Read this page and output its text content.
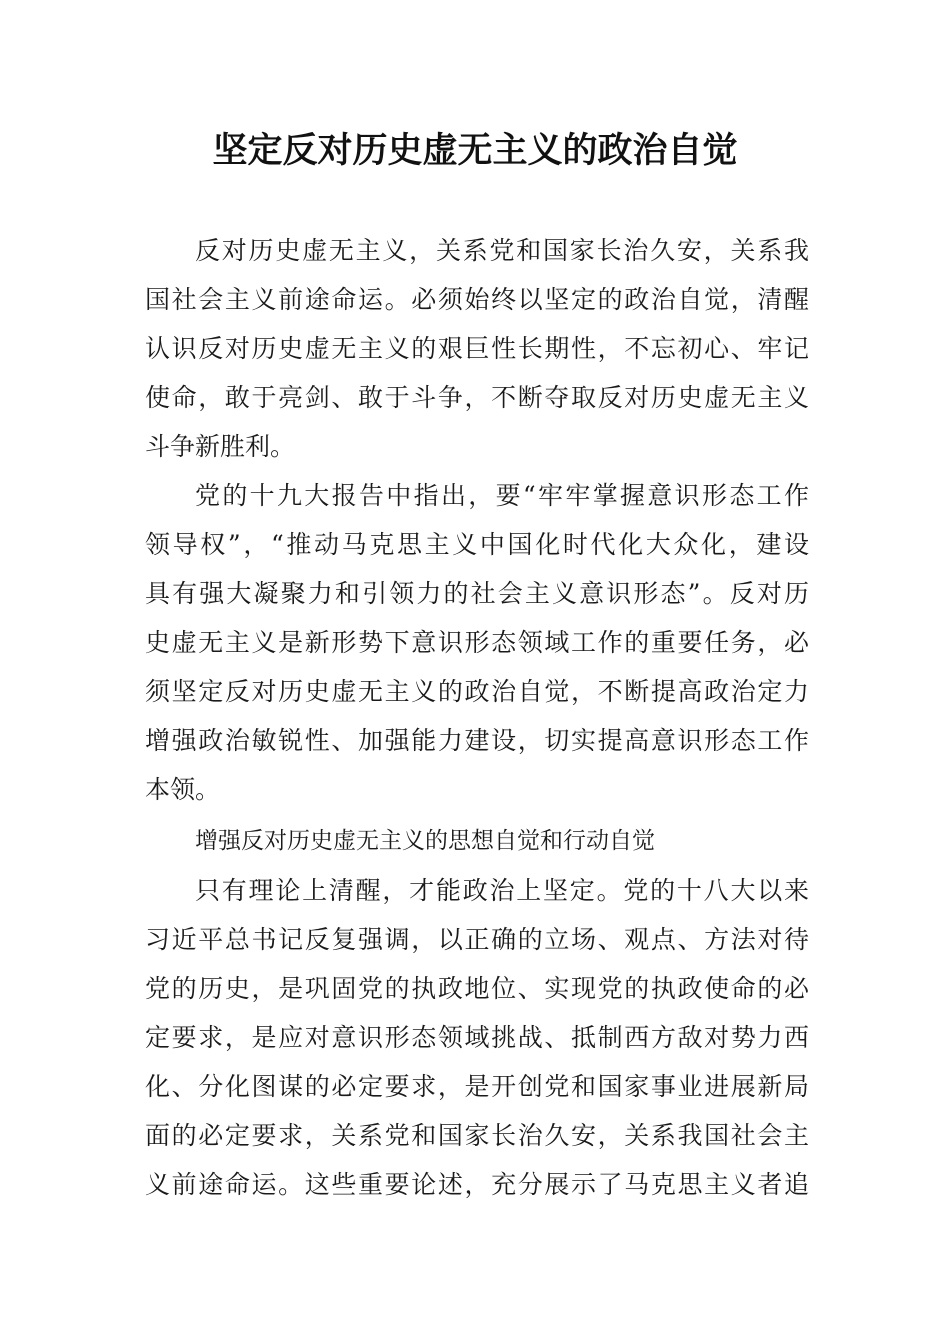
坚定反对历史虚无主义的政治自觉

反对历史虚无主义，关系党和国家长治久安，关系我
国社会主义前途命运。必须始终以坚定的政治自觉，清醒
认识反对历史虚无主义的艰巨性长期性，不忘初心、牢记
使命，敢于亮剑、敢于斗争，不断夺取反对历史虚无主义
斗争新胜利。

党的十九大报告中指出，要“牢牢掌握意识形态工作
领导权”，“推动马克思主义中国化时代化大众化，建设
具有强大凝聚力和引领力的社会主义意识形态”。反对历
史虚无主义是新形势下意识形态领域工作的重要任务，必
须坚定反对历史虚无主义的政治自觉，不断提高政治定力
增强政治敏锐性、加强能力建设，切实提高意识形态工作
本领。

增强反对历史虚无主义的思想自觉和行动自觉

只有理论上清醒，才能政治上坚定。党的十八大以来
习近平总书记反复强调，以正确的立场、观点、方法对待
党的历史，是巩固党的执政地位、实现党的执政使命的必
定要求，是应对意识形态领域挑战、抵制西方敌对势力西
化、分化图谋的必定要求，是开创党和国家事业进展新局
面的必定要求，关系党和国家长治久安，关系我国社会主
义前途命运。这些重要论述，充分展示了马克思主义者追
